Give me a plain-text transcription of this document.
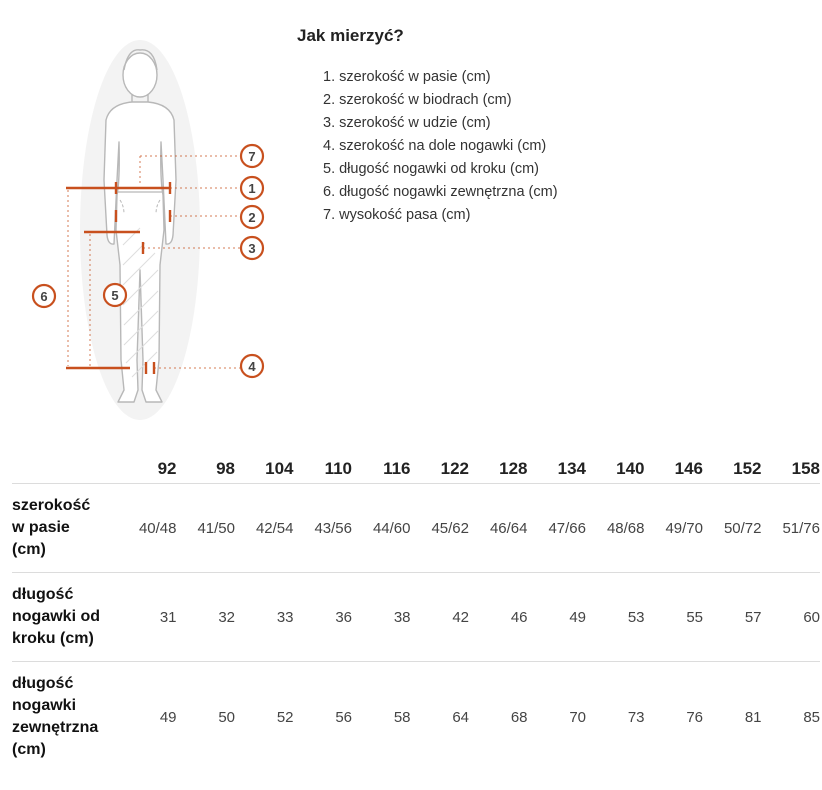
7
1
2
3
6	5
4
Jak mierzyć?
1. szerokość w pasie (cm)
2. szerokość w biodrach (cm)
3. szerokość w udzie (cm)
4. szerokość na dole nogawki (cm)
5. długość nogawki od kroku (cm)
6. długość nogawki zewnętrzna (cm)
7. wysokość pasa (cm)
	92	98	104	110	116	122	128	134	140	146	152	158

szerokość
w pasie
(cm)	40/48	41/50	42/54	43/56	44/60	45/62	46/64	47/66	48/68	49/70	50/72	51/76

długość
nogawki od
kroku (cm)	31	32	33	36	38	42	46	49	53	55	57	60

długość
nogawki
zewnętrzna
(cm)	49	50	52	56	58	64	68	70	73	76	81	85
